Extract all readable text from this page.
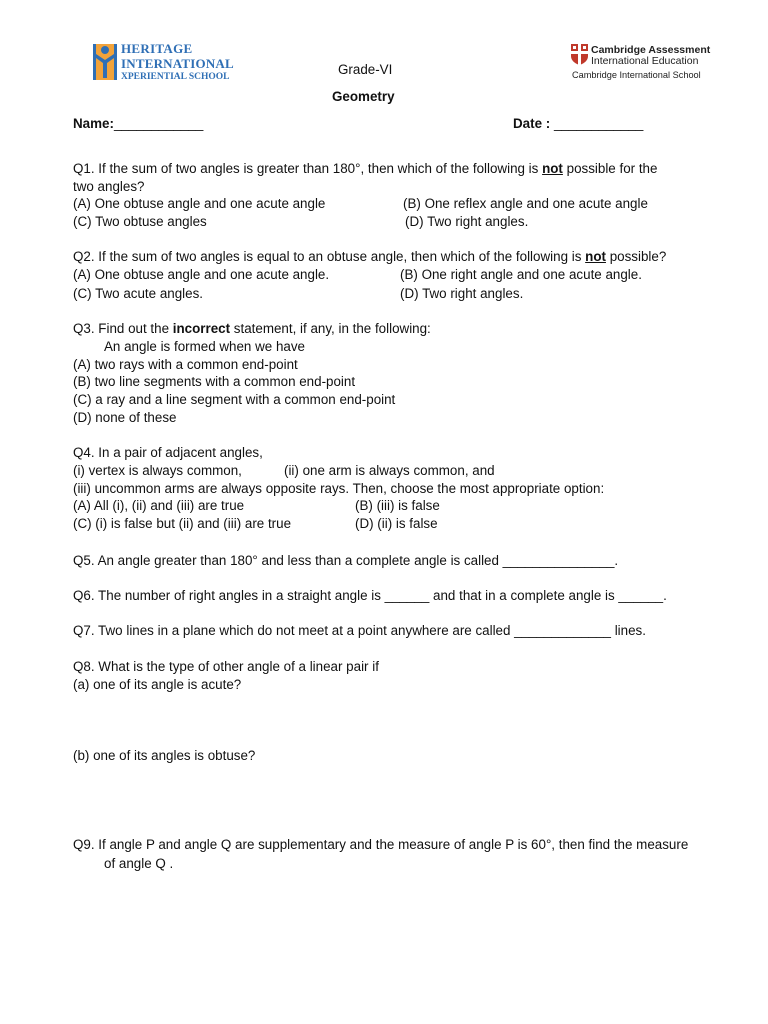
HERITAGE
INTERNATIONAL
XPERIENTIAL SCHOOL
Cambridge Assessment
International Education
Cambridge International School
Grade-VI
Geometry
Name:____________	Date : ____________
Q1. If the sum of two angles is greater than 180°, then which of the following is not possible for the
two angles?
(A) One obtuse angle and one acute angle	(B) One reflex angle and one acute angle
(C) Two obtuse angles	(D) Two right angles.
Q2. If the sum of two angles is equal to an obtuse angle, then which of the following is not possible?
(A) One obtuse angle and one acute angle.	(B) One right angle and one acute angle.
(C) Two acute angles.	(D) Two right angles.
Q3. Find out the incorrect statement, if any, in the following:
An angle is formed when we have
(A) two rays with a common end-point
(B) two line segments with a common end-point
(C) a ray and a line segment with a common end-point
(D) none of these
Q4. In a pair of adjacent angles,
(i) vertex is always common,	(ii) one arm is always common, and
(iii) uncommon arms are always opposite rays. Then, choose the most appropriate option:
(A) All (i), (ii) and (iii) are true	(B) (iii) is false
(C) (i) is false but (ii) and (iii) are true	(D) (ii) is false
Q5. An angle greater than 180° and less than a complete angle is called _______________.
Q6. The number of right angles in a straight angle is ______ and that in a complete angle is ______.
Q7. Two lines in a plane which do not meet at a point anywhere are called _____________ lines.
Q8. What is the type of other angle of a linear pair if
(a) one of its angle is acute?
(b) one of its angles is obtuse?
Q9. If angle P and angle Q are supplementary and the measure of angle P is 60°, then find the measure
of angle Q .
